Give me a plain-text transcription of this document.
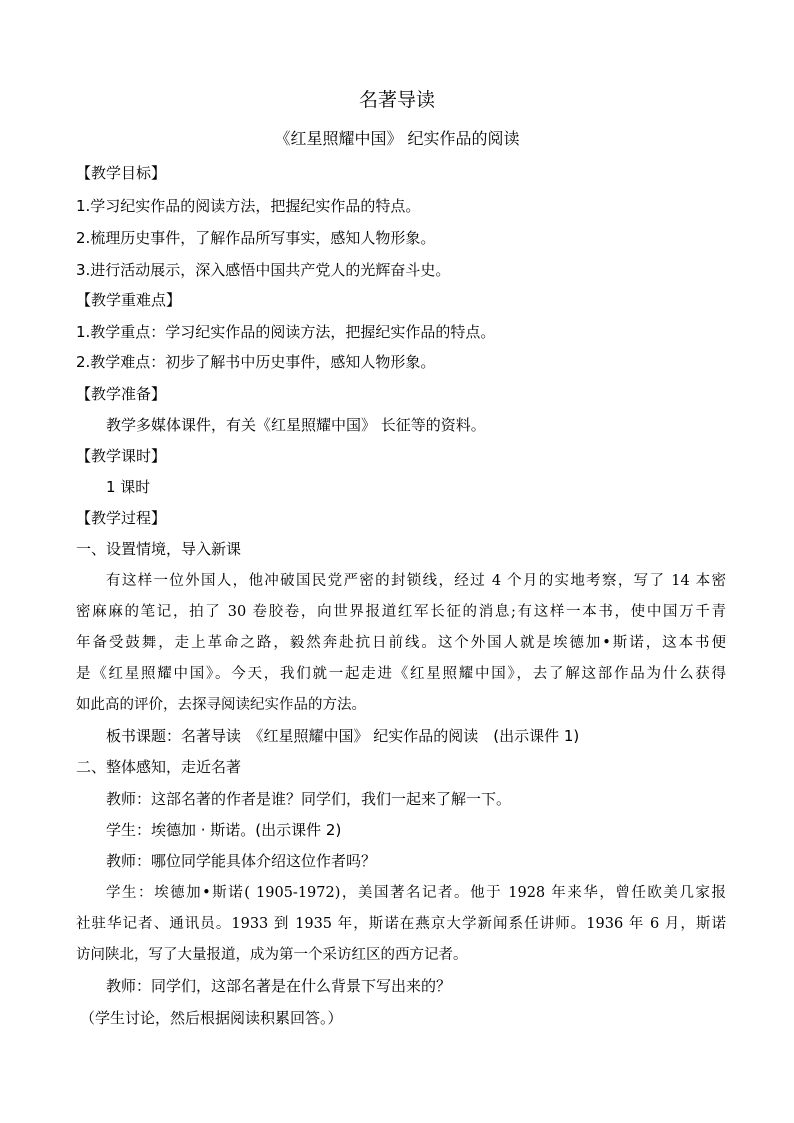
名著导读
《红星照耀中国》 纪实作品的阅读
【教学目标】
1.学习纪实作品的阅读方法，把握纪实作品的特点。
2.梳理历史事件，了解作品所写事实，感知人物形象。
3.进行活动展示，深入感悟中国共产党人的光辉奋斗史。
【教学重难点】
1.教学重点：学习纪实作品的阅读方法，把握纪实作品的特点。
2.教学难点：初步了解书中历史事件，感知人物形象。
【教学准备】
教学多媒体课件，有关《红星照耀中国》 长征等的资料。
【教学课时】
1 课时
【教学过程】
一、设置情境，导入新课
有这样一位外国人，他冲破国民党严密的封锁线，经过 4 个月的实地考察，写了 14 本密
密麻麻的笔记，拍了 30 卷胶卷，向世界报道红军长征的消息;有这样一本书，使中国万千青
年备受鼓舞，走上革命之路，毅然奔赴抗日前线。这个外国人就是埃德加•斯诺，这本书便
是《红星照耀中国》。今天，我们就一起走进《红星照耀中国》，去了解这部作品为什么获得
如此高的评价，去探寻阅读纪实作品的方法。
板书课题：名著导读　《红星照耀中国》 纪实作品的阅读　(出示课件 1)
二、整体感知，走近名著
教师：这部名著的作者是谁？同学们，我们一起来了解一下。
学生：埃德加 · 斯诺。(出示课件 2)
教师：哪位同学能具体介绍这位作者吗？
学生：埃德加•斯诺( 1905-1972)，美国著名记者。他于 1928 年来华，曾任欧美几家报
社驻华记者、通讯员。1933 到 1935 年，斯诺在燕京大学新闻系任讲师。1936 年 6 月，斯诺
访问陕北，写了大量报道，成为第一个采访红区的西方记者。
教师：同学们，这部名著是在什么背景下写出来的？
（学生讨论，然后根据阅读积累回答。）
